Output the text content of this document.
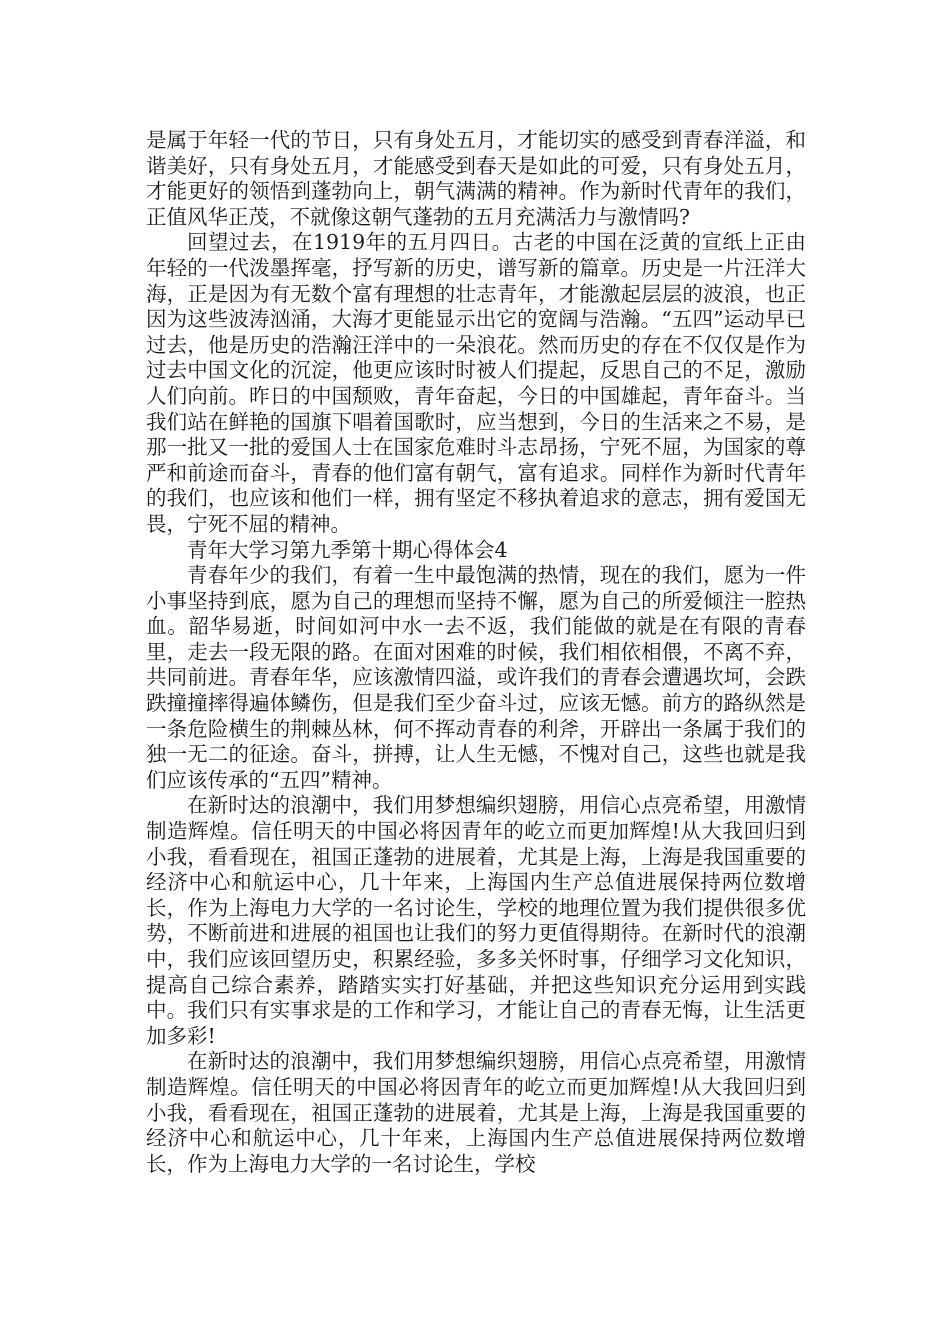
是属于年轻一代的节日，只有身处五月，才能切实的感受到青春洋溢，和谐美好，只有身处五月，才能感受到春天是如此的可爱，只有身处五月，才能更好的领悟到蓬勃向上，朝气满满的精神。作为新时代青年的我们，正值风华正茂，不就像这朝气蓬勃的五月充满活力与激情吗?

回望过去，在1919年的五月四日。古老的中国在泛黄的宣纸上正由年轻的一代泼墨挥毫，抒写新的历史，谱写新的篇章。历史是一片汪洋大海，正是因为有无数个富有理想的壮志青年，才能激起层层的波浪，也正因为这些波涛汹涌，大海才更能显示出它的宽阔与浩瀚。“五四”运动早已过去，他是历史的浩瀚汪洋中的一朵浪花。然而历史的存在不仅仅是作为过去中国文化的沉淀，他更应该时时被人们提起，反思自己的不足，激励人们向前。昨日的中国颓败，青年奋起，今日的中国雄起，青年奋斗。当我们站在鲜艳的国旗下唱着国歌时，应当想到，今日的生活来之不易，是那一批又一批的爱国人士在国家危难时斗志昂扬，宁死不屈，为国家的尊严和前途而奋斗，青春的他们富有朝气，富有追求。同样作为新时代青年的我们，也应该和他们一样，拥有坚定不移执着追求的意志，拥有爱国无畏，宁死不屈的精神。

青年大学习第九季第十期心得体会4

青春年少的我们，有着一生中最饱满的热情，现在的我们，愿为一件小事坚持到底，愿为自己的理想而坚持不懈，愿为自己的所爱倾注一腔热血。韶华易逝，时间如河中水一去不返，我们能做的就是在有限的青春里，走去一段无限的路。在面对困难的时候，我们相依相偎，不离不弃，共同前进。青春年华，应该激情四溢，或许我们的青春会遭遇坎坷，会跌跌撞撞摔得遍体鳞伤，但是我们至少奋斗过，应该无憾。前方的路纵然是一条危险横生的荆棘丛林，何不挥动青春的利斧，开辟出一条属于我们的独一无二的征途。奋斗，拼搏，让人生无憾，不愧对自己，这些也就是我们应该传承的“五四”精神。

在新时达的浪潮中，我们用梦想编织翅膀，用信心点亮希望，用激情制造辉煌。信任明天的中国必将因青年的屹立而更加辉煌!从大我回归到小我，看看现在，祖国正蓬勃的进展着，尤其是上海，上海是我国重要的经济中心和航运中心，几十年来，上海国内生产总值进展保持两位数增长，作为上海电力大学的一名讨论生，学校的地理位置为我们提供很多优势，不断前进和进展的祖国也让我们的努力更值得期待。在新时代的浪潮中，我们应该回望历史，积累经验，多多关怀时事，仔细学习文化知识，提高自己综合素养，踏踏实实打好基础，并把这些知识充分运用到实践中。我们只有实事求是的工作和学习，才能让自己的青春无悔，让生活更加多彩!

在新时达的浪潮中，我们用梦想编织翅膀，用信心点亮希望，用激情制造辉煌。信任明天的中国必将因青年的屹立而更加辉煌!从大我回归到小我，看看现在，祖国正蓬勃的进展着，尤其是上海，上海是我国重要的经济中心和航运中心，几十年来，上海国内生产总值进展保持两位数增长，作为上海电力大学的一名讨论生，学校
